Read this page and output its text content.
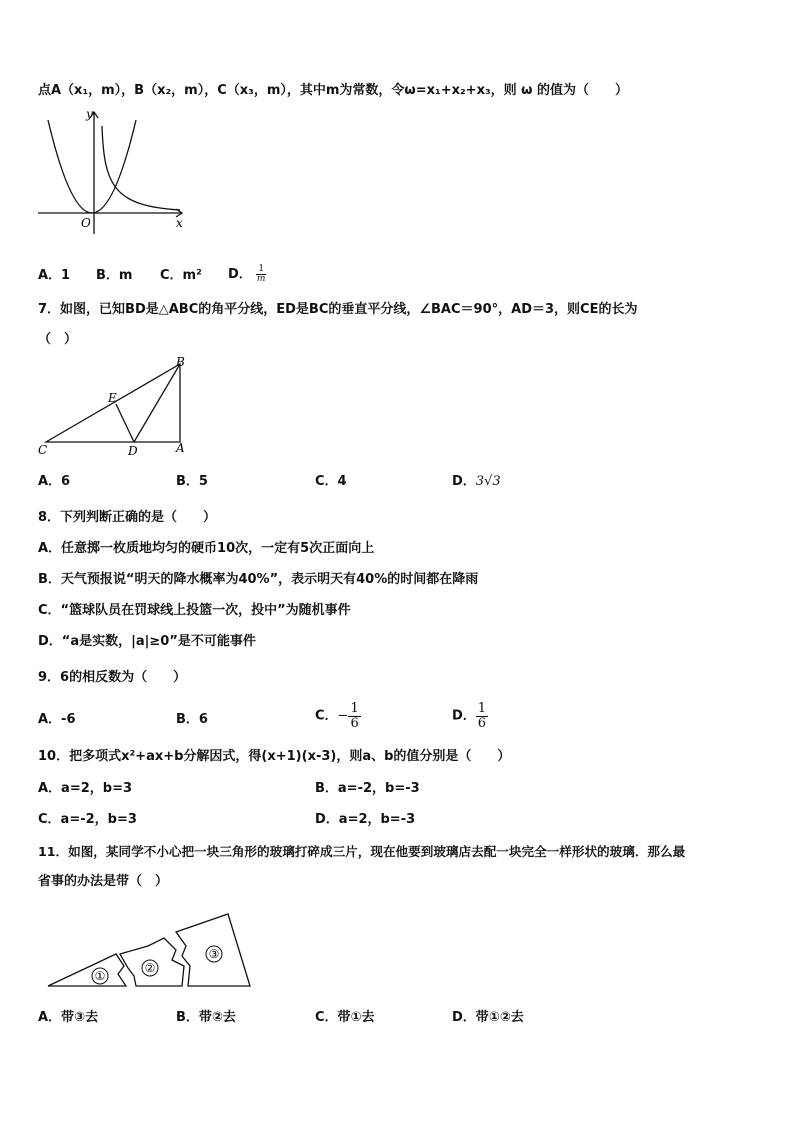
点A（x₁，m），B（x₂，m），C（x₃，m），其中m为常数，令ω=x₁+x₂+x₃，则 ω 的值为（　　）
y
x
O
A．1 B．m C．m² D． $\frac{1}{m}$
7．如图，已知BD是△ABC的角平分线，ED是BC的垂直平分线，∠BAC＝90°，AD＝3，则CE的长为
（　）
B
E
C	D	A
A．6	B．5	C．4	D．3√3
8．下列判断正确的是（　　）
A．任意掷一枚质地均匀的硬币10次，一定有5次正面向上
B．天气预报说“明天的降水概率为40%”，表示明天有40%的时间都在降雨
C．“篮球队员在罚球线上投篮一次，投中”为随机事件
D．“a是实数，|a|≥0”是不可能事件
9．6的相反数为（　　）
A．-6	B．6	C．− $\frac{1}{6}$	D． $\frac{1}{6}$
10．把多项式x²+ax+b分解因式，得(x+1)(x-3)，则a、b的值分别是（　　）
A．a=2，b=3	B．a=-2，b=-3
C．a=-2，b=3	D．a=2，b=-3
11．如图，某同学不小心把一块三角形的玻璃打碎成三片，现在他要到玻璃店去配一块完全一样形状的玻璃．那么最
省事的办法是带（　）
①
②
③
A．带③去	B．带②去	C．带①去	D．带①②去
